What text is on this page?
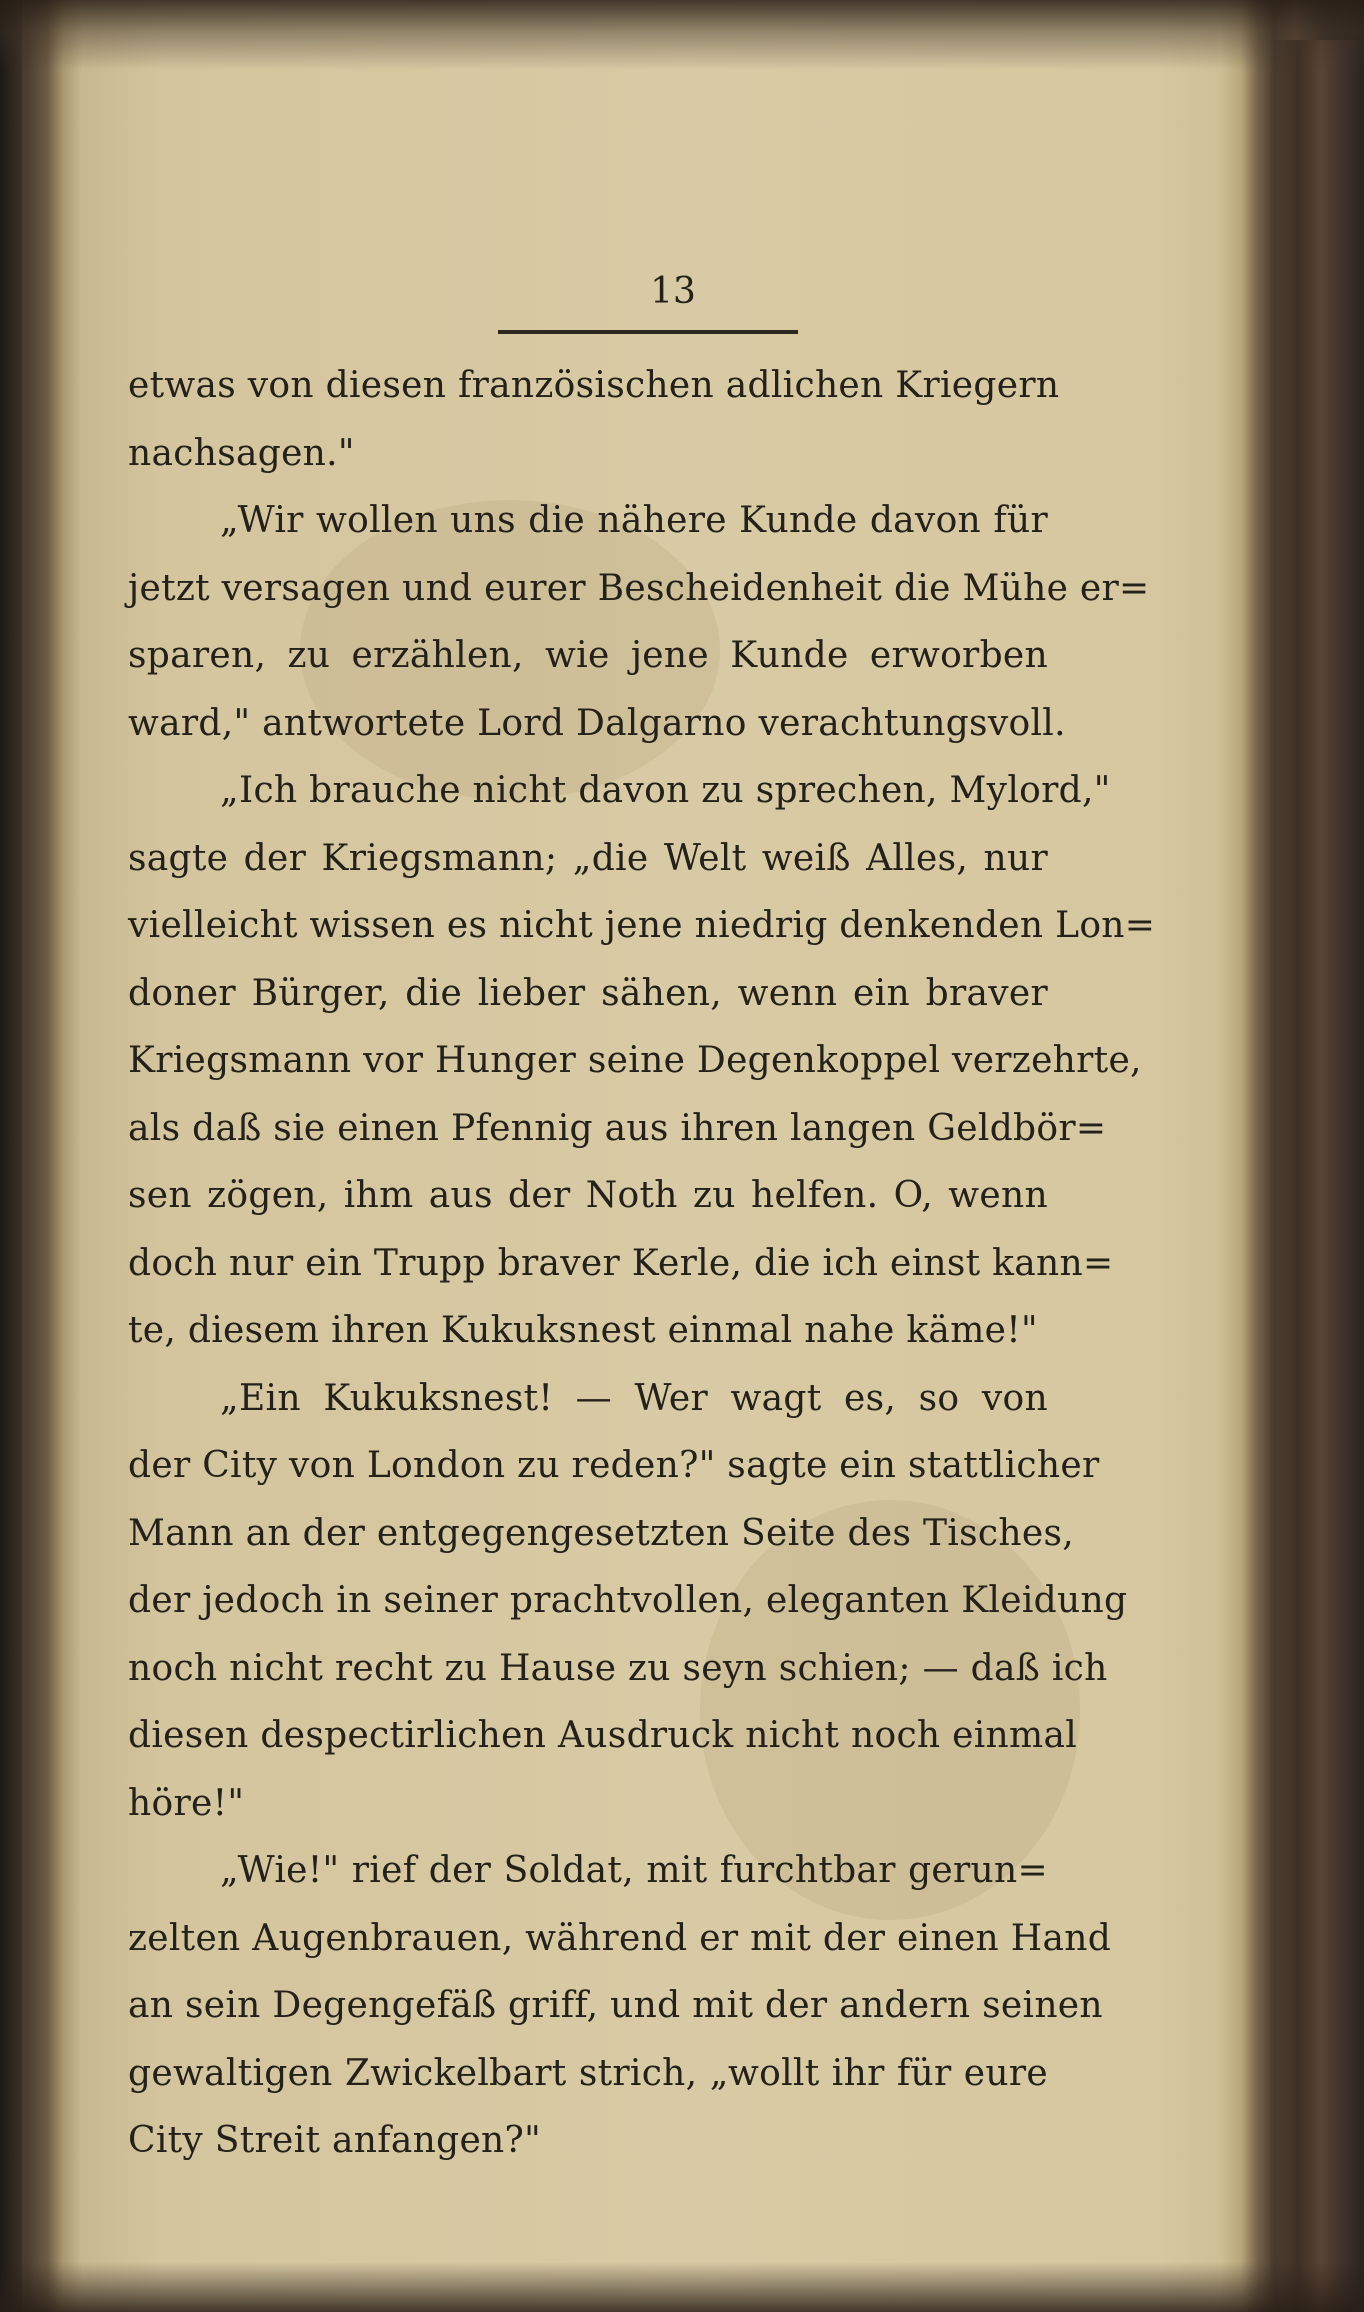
13
etwas von diesen französischen adlichen Kriegern
nachsagen."
„Wir wollen uns die nähere Kunde davon für
jetzt versagen und eurer Bescheidenheit die Mühe er=
sparen, zu erzählen, wie jene Kunde erworben
ward," antwortete Lord Dalgarno verachtungsvoll.
„Ich brauche nicht davon zu sprechen, Mylord,"
sagte der Kriegsmann; „die Welt weiß Alles, nur
vielleicht wissen es nicht jene niedrig denkenden Lon=
doner Bürger, die lieber sähen, wenn ein braver
Kriegsmann vor Hunger seine Degenkoppel verzehrte,
als daß sie einen Pfennig aus ihren langen Geldbör=
sen zögen, ihm aus der Noth zu helfen. O, wenn
doch nur ein Trupp braver Kerle, die ich einst kann=
te, diesem ihren Kukuksnest einmal nahe käme!"
„Ein Kukuksnest! — Wer wagt es, so von
der City von London zu reden?" sagte ein stattlicher
Mann an der entgegengesetzten Seite des Tisches,
der jedoch in seiner prachtvollen, eleganten Kleidung
noch nicht recht zu Hause zu seyn schien; — daß ich
diesen despectirlichen Ausdruck nicht noch einmal
höre!"
„Wie!" rief der Soldat, mit furchtbar gerun=
zelten Augenbrauen, während er mit der einen Hand
an sein Degengefäß griff, und mit der andern seinen
gewaltigen Zwickelbart strich, „wollt ihr für eure
City Streit anfangen?"
